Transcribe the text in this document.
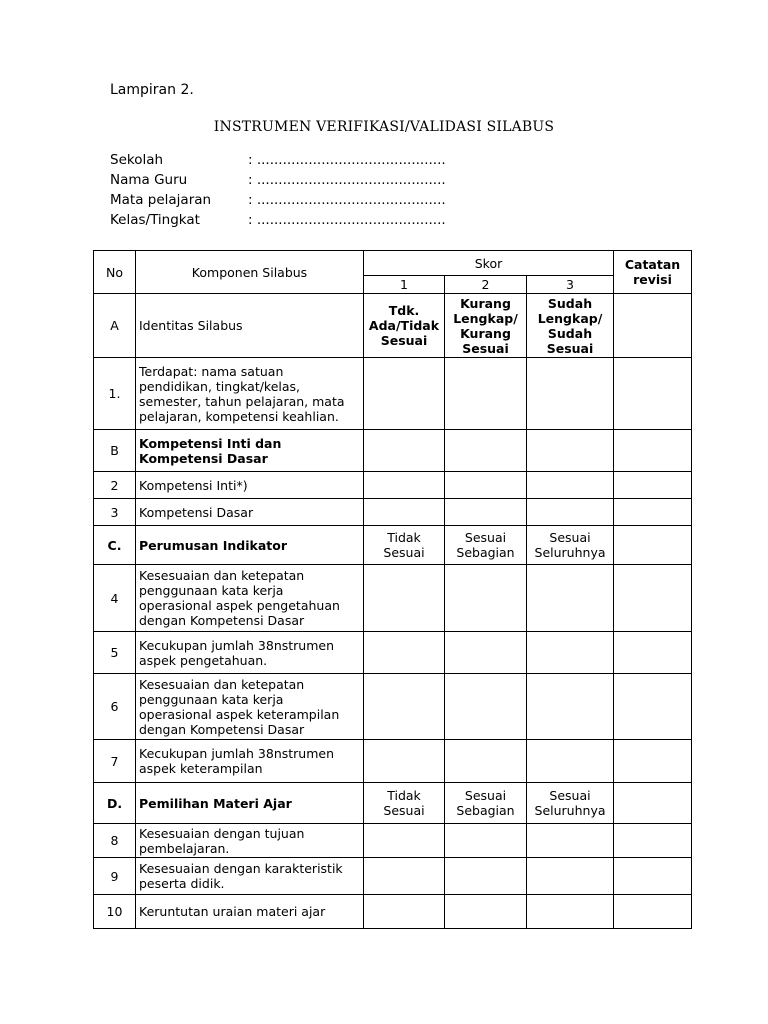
Lampiran 2.
INSTRUMEN VERIFIKASI/VALIDASI SILABUS
Sekolah	: ............................................
Nama Guru	: ............................................
Mata pelajaran	: ............................................
Kelas/Tingkat	: ............................................
No	Komponen Silabus	Skor			Catatan revisi
		1	2	3	
A	Identitas Silabus	Tdk. Ada/Tidak Sesuai	Kurang Lengkap/ Kurang Sesuai	Sudah Lengkap/ Sudah Sesuai	
1.	Terdapat: nama satuan pendidikan, tingkat/kelas, semester, tahun pelajaran, mata pelajaran, kompetensi keahlian.				
B	Kompetensi Inti dan Kompetensi Dasar				
2	Kompetensi Inti*)				
3	Kompetensi Dasar				
C.	Perumusan Indikator	Tidak Sesuai	Sesuai Sebagian	Sesuai Seluruhnya	
4	Kesesuaian dan ketepatan penggunaan kata kerja operasional aspek pengetahuan dengan Kompetensi Dasar				
5	Kecukupan jumlah 38nstrumen aspek pengetahuan.				
6	Kesesuaian dan ketepatan penggunaan kata kerja operasional aspek keterampilan dengan Kompetensi Dasar				
7	Kecukupan jumlah 38nstrumen aspek keterampilan				
D.	Pemilihan Materi Ajar	Tidak Sesuai	Sesuai Sebagian	Sesuai Seluruhnya	
8	Kesesuaian dengan tujuan pembelajaran.				
9	Kesesuaian dengan karakteristik peserta didik.				
10	Keruntutan uraian materi ajar				
